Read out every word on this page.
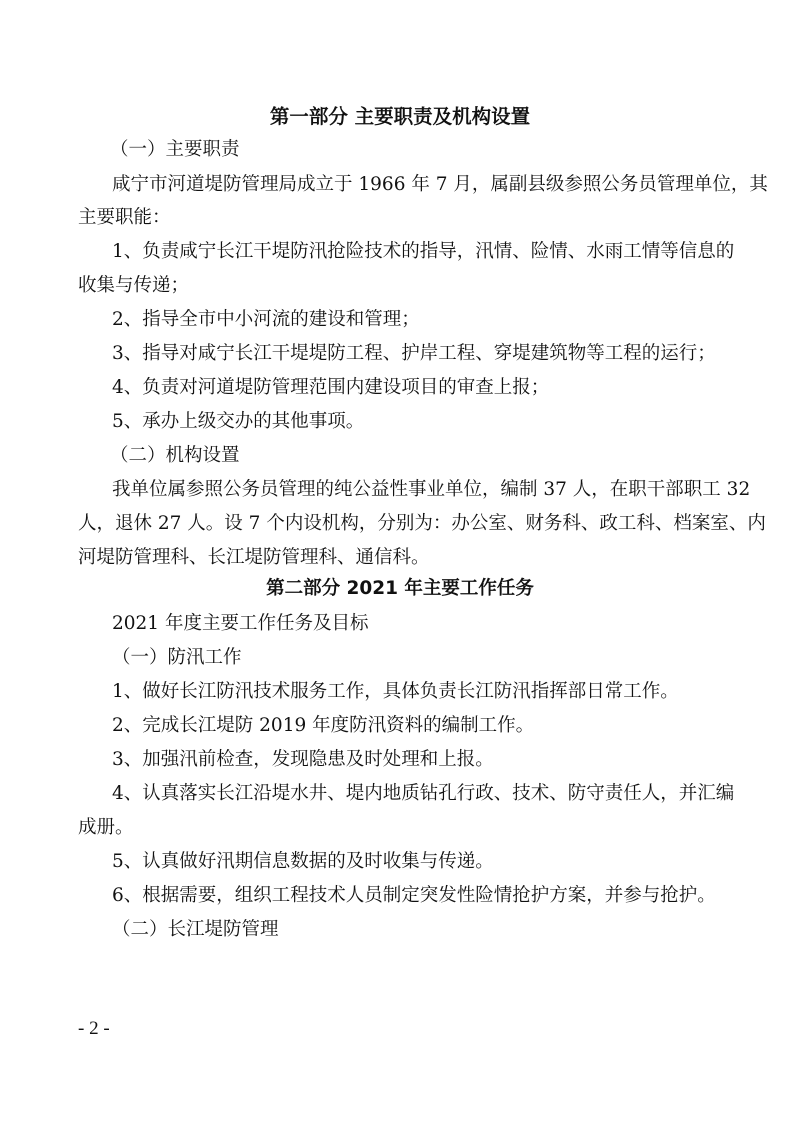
第一部分 主要职责及机构设置
（一）主要职责
咸宁市河道堤防管理局成立于 1966 年 7 月，属副县级参照公务员管理单位，其
主要职能：
1、负责咸宁长江干堤防汛抢险技术的指导，汛情、险情、水雨工情等信息的
收集与传递；
2、指导全市中小河流的建设和管理；
3、指导对咸宁长江干堤堤防工程、护岸工程、穿堤建筑物等工程的运行；
4、负责对河道堤防管理范围内建设项目的审查上报；
5、承办上级交办的其他事项。
（二）机构设置
我单位属参照公务员管理的纯公益性事业单位，编制 37 人，在职干部职工 32
人，退休 27 人。设 7 个内设机构，分别为：办公室、财务科、政工科、档案室、内
河堤防管理科、长江堤防管理科、通信科。
第二部分 2021 年主要工作任务
2021 年度主要工作任务及目标
（一）防汛工作
1、做好长江防汛技术服务工作，具体负责长江防汛指挥部日常工作。
2、完成长江堤防 2019 年度防汛资料的编制工作。
3、加强汛前检查，发现隐患及时处理和上报。
4、认真落实长江沿堤水井、堤内地质钻孔行政、技术、防守责任人，并汇编
成册。
5、认真做好汛期信息数据的及时收集与传递。
6、根据需要，组织工程技术人员制定突发性险情抢护方案，并参与抢护。
（二）长江堤防管理
- 2 -
